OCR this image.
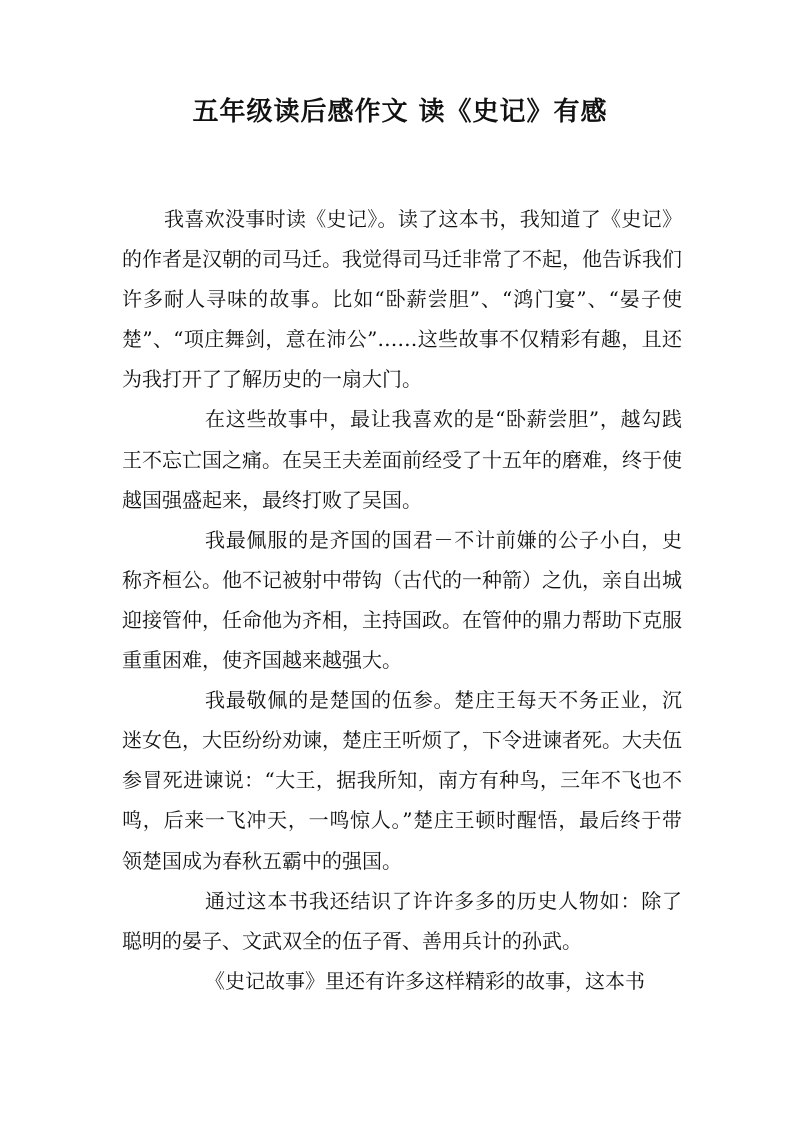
五年级读后感作文 读《史记》有感

我喜欢没事时读《史记》。读了这本书，我知道了《史记》的作者是汉朝的司马迁。我觉得司马迁非常了不起，他告诉我们许多耐人寻味的故事。比如“卧薪尝胆”、“鸿门宴”、“晏子使楚”、“项庄舞剑，意在沛公”……这些故事不仅精彩有趣，且还为我打开了了解历史的一扇大门。

在这些故事中，最让我喜欢的是“卧薪尝胆”，越勾践王不忘亡国之痛。在吴王夫差面前经受了十五年的磨难，终于使越国强盛起来，最终打败了吴国。

我最佩服的是齐国的国君－不计前嫌的公子小白，史称齐桓公。他不记被射中带钩（古代的一种箭）之仇，亲自出城迎接管仲，任命他为齐相，主持国政。在管仲的鼎力帮助下克服重重困难，使齐国越来越强大。

我最敬佩的是楚国的伍参。楚庄王每天不务正业，沉迷女色，大臣纷纷劝谏，楚庄王听烦了，下令进谏者死。大夫伍参冒死进谏说：“大王，据我所知，南方有种鸟，三年不飞也不鸣，后来一飞冲天，一鸣惊人。”楚庄王顿时醒悟，最后终于带领楚国成为春秋五霸中的强国。

通过这本书我还结识了许许多多的历史人物如：除了聪明的晏子、文武双全的伍子胥、善用兵计的孙武。

《史记故事》里还有许多这样精彩的故事，这本书
